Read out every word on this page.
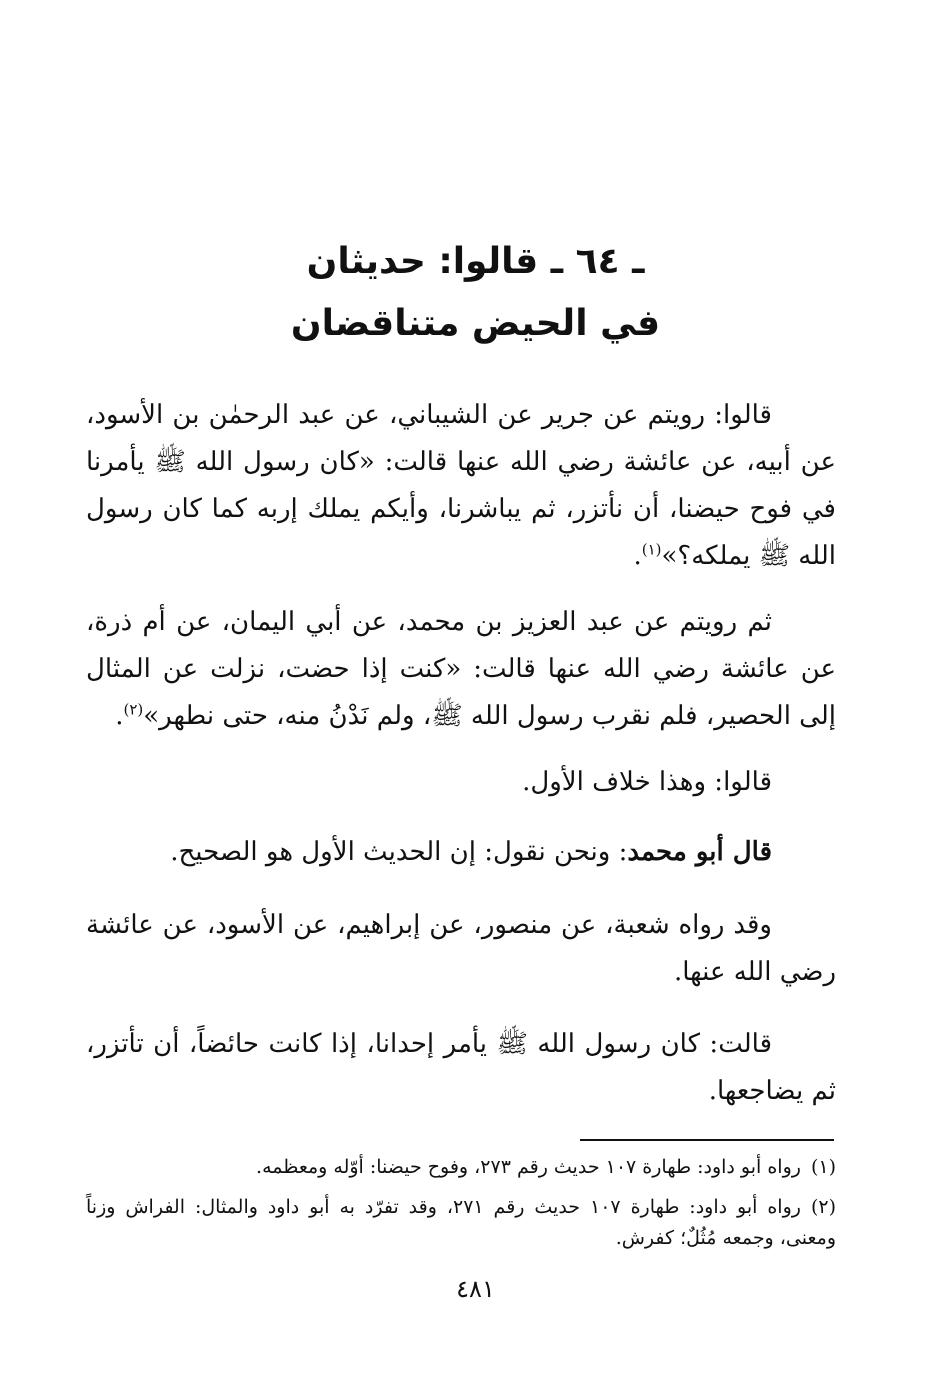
ـ ٦٤ ـ قالوا: حديثان
في الحيض متناقضان
قالوا: رويتم عن جرير عن الشيباني، عن عبد الرحمٰن بن الأسود، عن أبيه، عن عائشة رضي الله عنها قالت: «كان رسول الله ﷺ يأمرنا في فوح حيضنا، أن نأتزر، ثم يباشرنا، وأيكم يملك إربه كما كان رسول الله ﷺ يملكه؟»$^{(١)}$.
ثم رويتم عن عبد العزيز بن محمد، عن أبي اليمان، عن أم ذرة، عن عائشة رضي الله عنها قالت: «كنت إذا حضت، نزلت عن المثال إلى الحصير، فلم نقرب رسول الله ﷺ، ولم نَدْنُ منه، حتى نطهر»$^{(٢)}$.
قالوا: وهذا خلاف الأول.
قال أبو محمد: ونحن نقول: إن الحديث الأول هو الصحيح.
وقد رواه شعبة، عن منصور، عن إبراهيم، عن الأسود، عن عائشة رضي الله عنها.
قالت: كان رسول الله ﷺ يأمر إحدانا، إذا كانت حائضاً، أن تأتزر، ثم يضاجعها.
(١)رواه أبو داود: طهارة ١٠٧ حديث رقم ٢٧٣، وفوح حيضنا: أوّله ومعظمه.
(٢)رواه أبو داود: طهارة ١٠٧ حديث رقم ٢٧١، وقد تفرّد به أبو داود والمثال: الفراش وزناً ومعنى، وجمعه مُثُلٌ؛ كفرش.
٤٨١
